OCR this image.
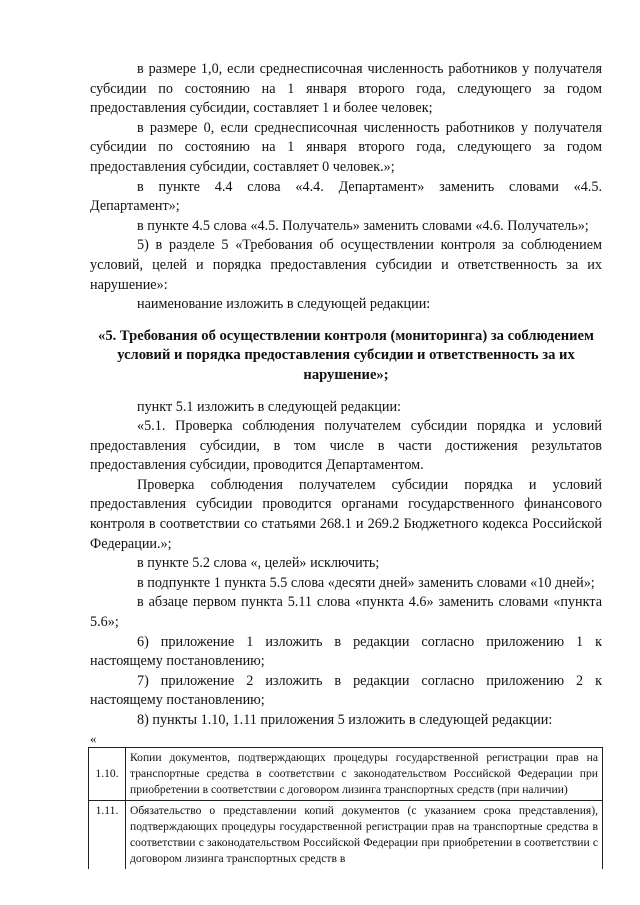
в размере 1,0, если среднесписочная численность работников у получателя субсидии по состоянию на 1 января второго года, следующего за годом предоставления субсидии, составляет 1 и более человек;

в размере 0, если среднесписочная численность работников у получателя субсидии по состоянию на 1 января второго года, следующего за годом предоставления субсидии, составляет 0 человек.»;

в пункте 4.4 слова «4.4. Департамент» заменить словами «4.5. Департамент»;

в пункте 4.5 слова «4.5. Получатель» заменить словами «4.6. Получатель»;

5) в разделе 5 «Требования об осуществлении контроля за соблюдением условий, целей и порядка предоставления субсидии и ответственность за их нарушение»:

наименование изложить в следующей редакции:

«5. Требования об осуществлении контроля (мониторинга) за соблюдением условий и порядка предоставления субсидии и ответственность за их нарушение»;

пункт 5.1 изложить в следующей редакции:

«5.1. Проверка соблюдения получателем субсидии порядка и условий предоставления субсидии, в том числе в части достижения результатов предоставления субсидии, проводится Департаментом.

Проверка соблюдения получателем субсидии порядка и условий предоставления субсидии проводится органами государственного финансового контроля в соответствии со статьями 268.1 и 269.2 Бюджетного кодекса Российской Федерации.»;

в пункте 5.2 слова «, целей» исключить;

в подпункте 1 пункта 5.5 слова «десяти дней» заменить словами «10 дней»;

в абзаце первом пункта 5.11 слова «пункта 4.6» заменить словами «пункта 5.6»;

6) приложение 1 изложить в редакции согласно приложению 1 к настоящему постановлению;

7) приложение 2 изложить в редакции согласно приложению 2 к настоящему постановлению;

8) пункты 1.10, 1.11 приложения 5 изложить в следующей редакции:

«
1.10.	Копии документов, подтверждающих процедуры государственной регистрации прав на транспортные средства в соответствии с законодательством Российской Федерации при приобретении в соответствии с договором лизинга транспортных средств (при наличии)
1.11.	Обязательство о представлении копий документов (с указанием срока представления), подтверждающих процедуры государственной регистрации прав на транспортные средства в соответствии с законодательством Российской Федерации при приобретении в соответствии с договором лизинга транспортных средств в
